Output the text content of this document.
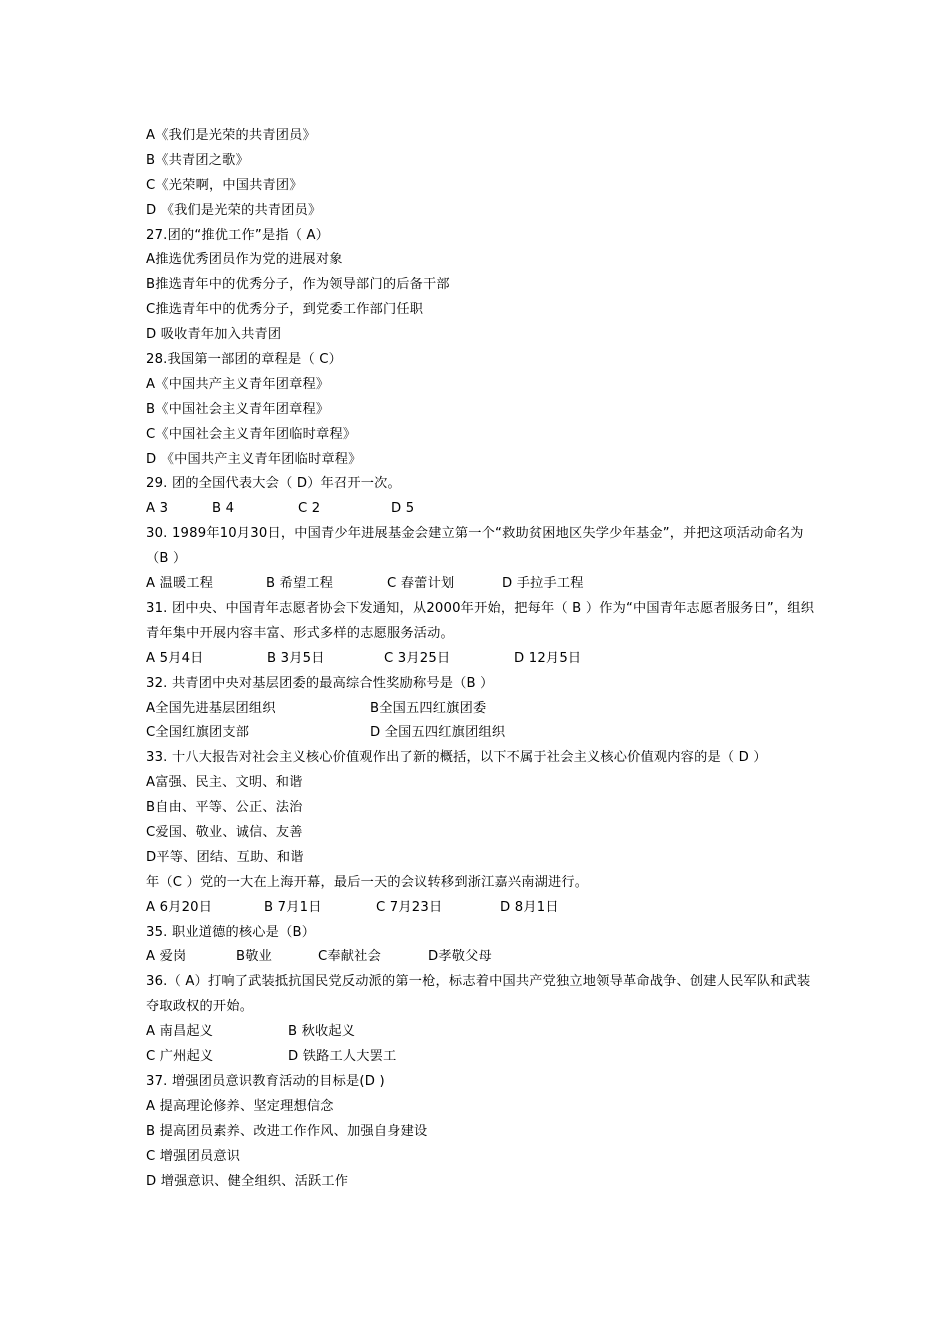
A《我们是光荣的共青团员》
B《共青团之歌》
C《光荣啊，中国共青团》
D 《我们是光荣的共青团员》
27.团的“推优工作”是指（ A）
A推选优秀团员作为党的进展对象
B推选青年中的优秀分子，作为领导部门的后备干部
C推选青年中的优秀分子，到党委工作部门任职
D 吸收青年加入共青团
28.我国第一部团的章程是（ C）
A《中国共产主义青年团章程》
B《中国社会主义青年团章程》
C《中国社会主义青年团临时章程》
D 《中国共产主义青年团临时章程》
29. 团的全国代表大会（ D）年召开一次。
A 3	B 4	C 2	D 5
30. 1989年10月30日，中国青少年进展基金会建立第一个“救助贫困地区失学少年基金”，并把这项活动命名为（B ）
A 温暖工程	B 希望工程	C 春蕾计划	D 手拉手工程
31. 团中央、中国青年志愿者协会下发通知，从2000年开始，把每年（ B ）作为“中国青年志愿者服务日”，组织青年集中开展内容丰富、形式多样的志愿服务活动。
A 5月4日	B 3月5日	C 3月25日	D 12月5日
32. 共青团中央对基层团委的最高综合性奖励称号是（B ）
A全国先进基层团组织	B全国五四红旗团委
C全国红旗团支部	D 全国五四红旗团组织
33. 十八大报告对社会主义核心价值观作出了新的概括，以下不属于社会主义核心价值观内容的是（ D ）
A富强、民主、文明、和谐
B自由、平等、公正、法治
C爱国、敬业、诚信、友善
D平等、团结、互助、和谐
年（C ）党的一大在上海开幕，最后一天的会议转移到浙江嘉兴南湖进行。
A 6月20日	B 7月1日	C 7月23日	D 8月1日
35. 职业道德的核心是（B）
A 爱岗	B敬业	C奉献社会	D孝敬父母
36.（ A）打响了武装抵抗国民党反动派的第一枪，标志着中国共产党独立地领导革命战争、创建人民军队和武装夺取政权的开始。
A 南昌起义	B 秋收起义
C 广州起义	D 铁路工人大罢工
37. 增强团员意识教育活动的目标是(D )
A 提高理论修养、坚定理想信念
B 提高团员素养、改进工作作风、加强自身建设
C 增强团员意识
D 增强意识、健全组织、活跃工作
